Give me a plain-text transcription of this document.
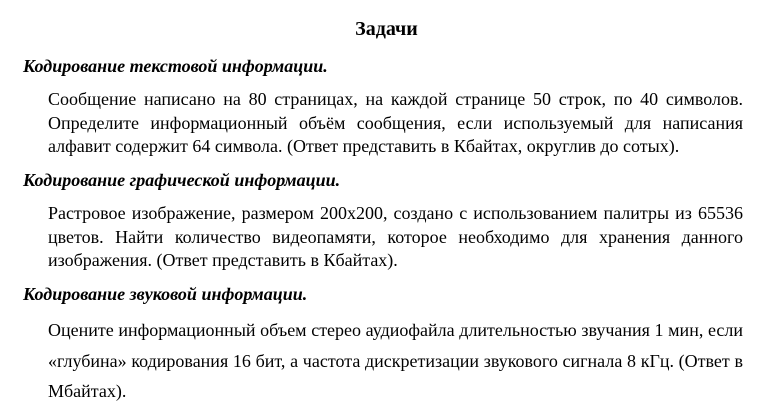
Задачи
Кодирование текстовой информации.

Сообщение написано на 80 страницах, на каждой странице 50 строк, по 40 символов. Определите информационный объём сообщения, если используемый для написания алфавит содержит 64 символа. (Ответ представить в Кбайтах, округлив до сотых).

Кодирование графической информации.

Растровое изображение, размером 200х200, создано с использованием палитры из 65536 цветов. Найти количество видеопамяти, которое необходимо для хранения данного изображения. (Ответ представить в Кбайтах).

Кодирование звуковой информации.

Оцените информационный объем стерео аудиофайла длительностью звучания 1 мин, если «глубина» кодирования 16 бит, а частота дискретизации звукового сигнала 8 кГц. (Ответ в Мбайтах).
